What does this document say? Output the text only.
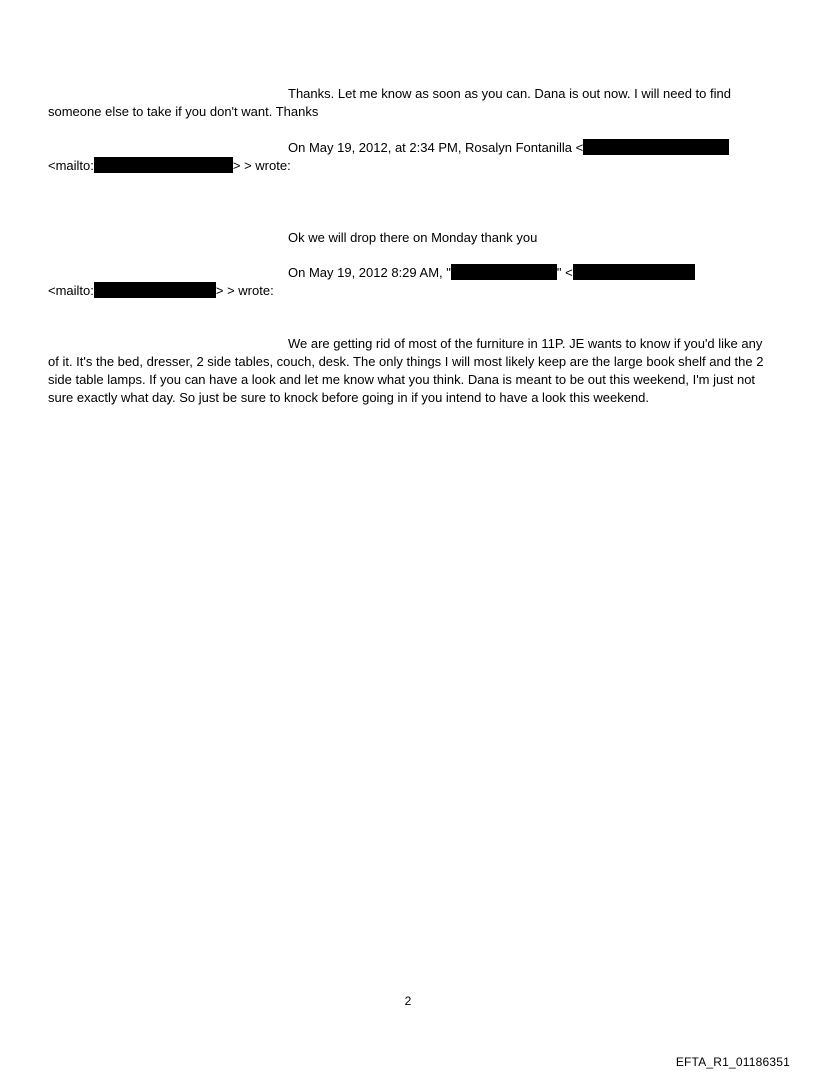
Thanks. Let me know as soon as you can. Dana is out now. I will need to find
someone else to take if you don't want. Thanks
On May 19, 2012, at 2:34 PM, Rosalyn Fontanilla <
<mailto:	> > wrote:
Ok we will drop there on Monday thank you
On May 19, 2012 8:29 AM, "	" <
<mailto:	> > wrote:
We are getting rid of most of the furniture in 11P. JE wants to know if you'd like any of it. It's the bed, dresser, 2 side tables, couch, desk. The only things I will most likely keep are the large book shelf and the 2 side table lamps. If you can have a look and let me know what you think. Dana is meant to be out this weekend, I'm just not sure exactly what day. So just be sure to knock before going in if you intend to have a look this weekend.
2
EFTA_R1_01186351
